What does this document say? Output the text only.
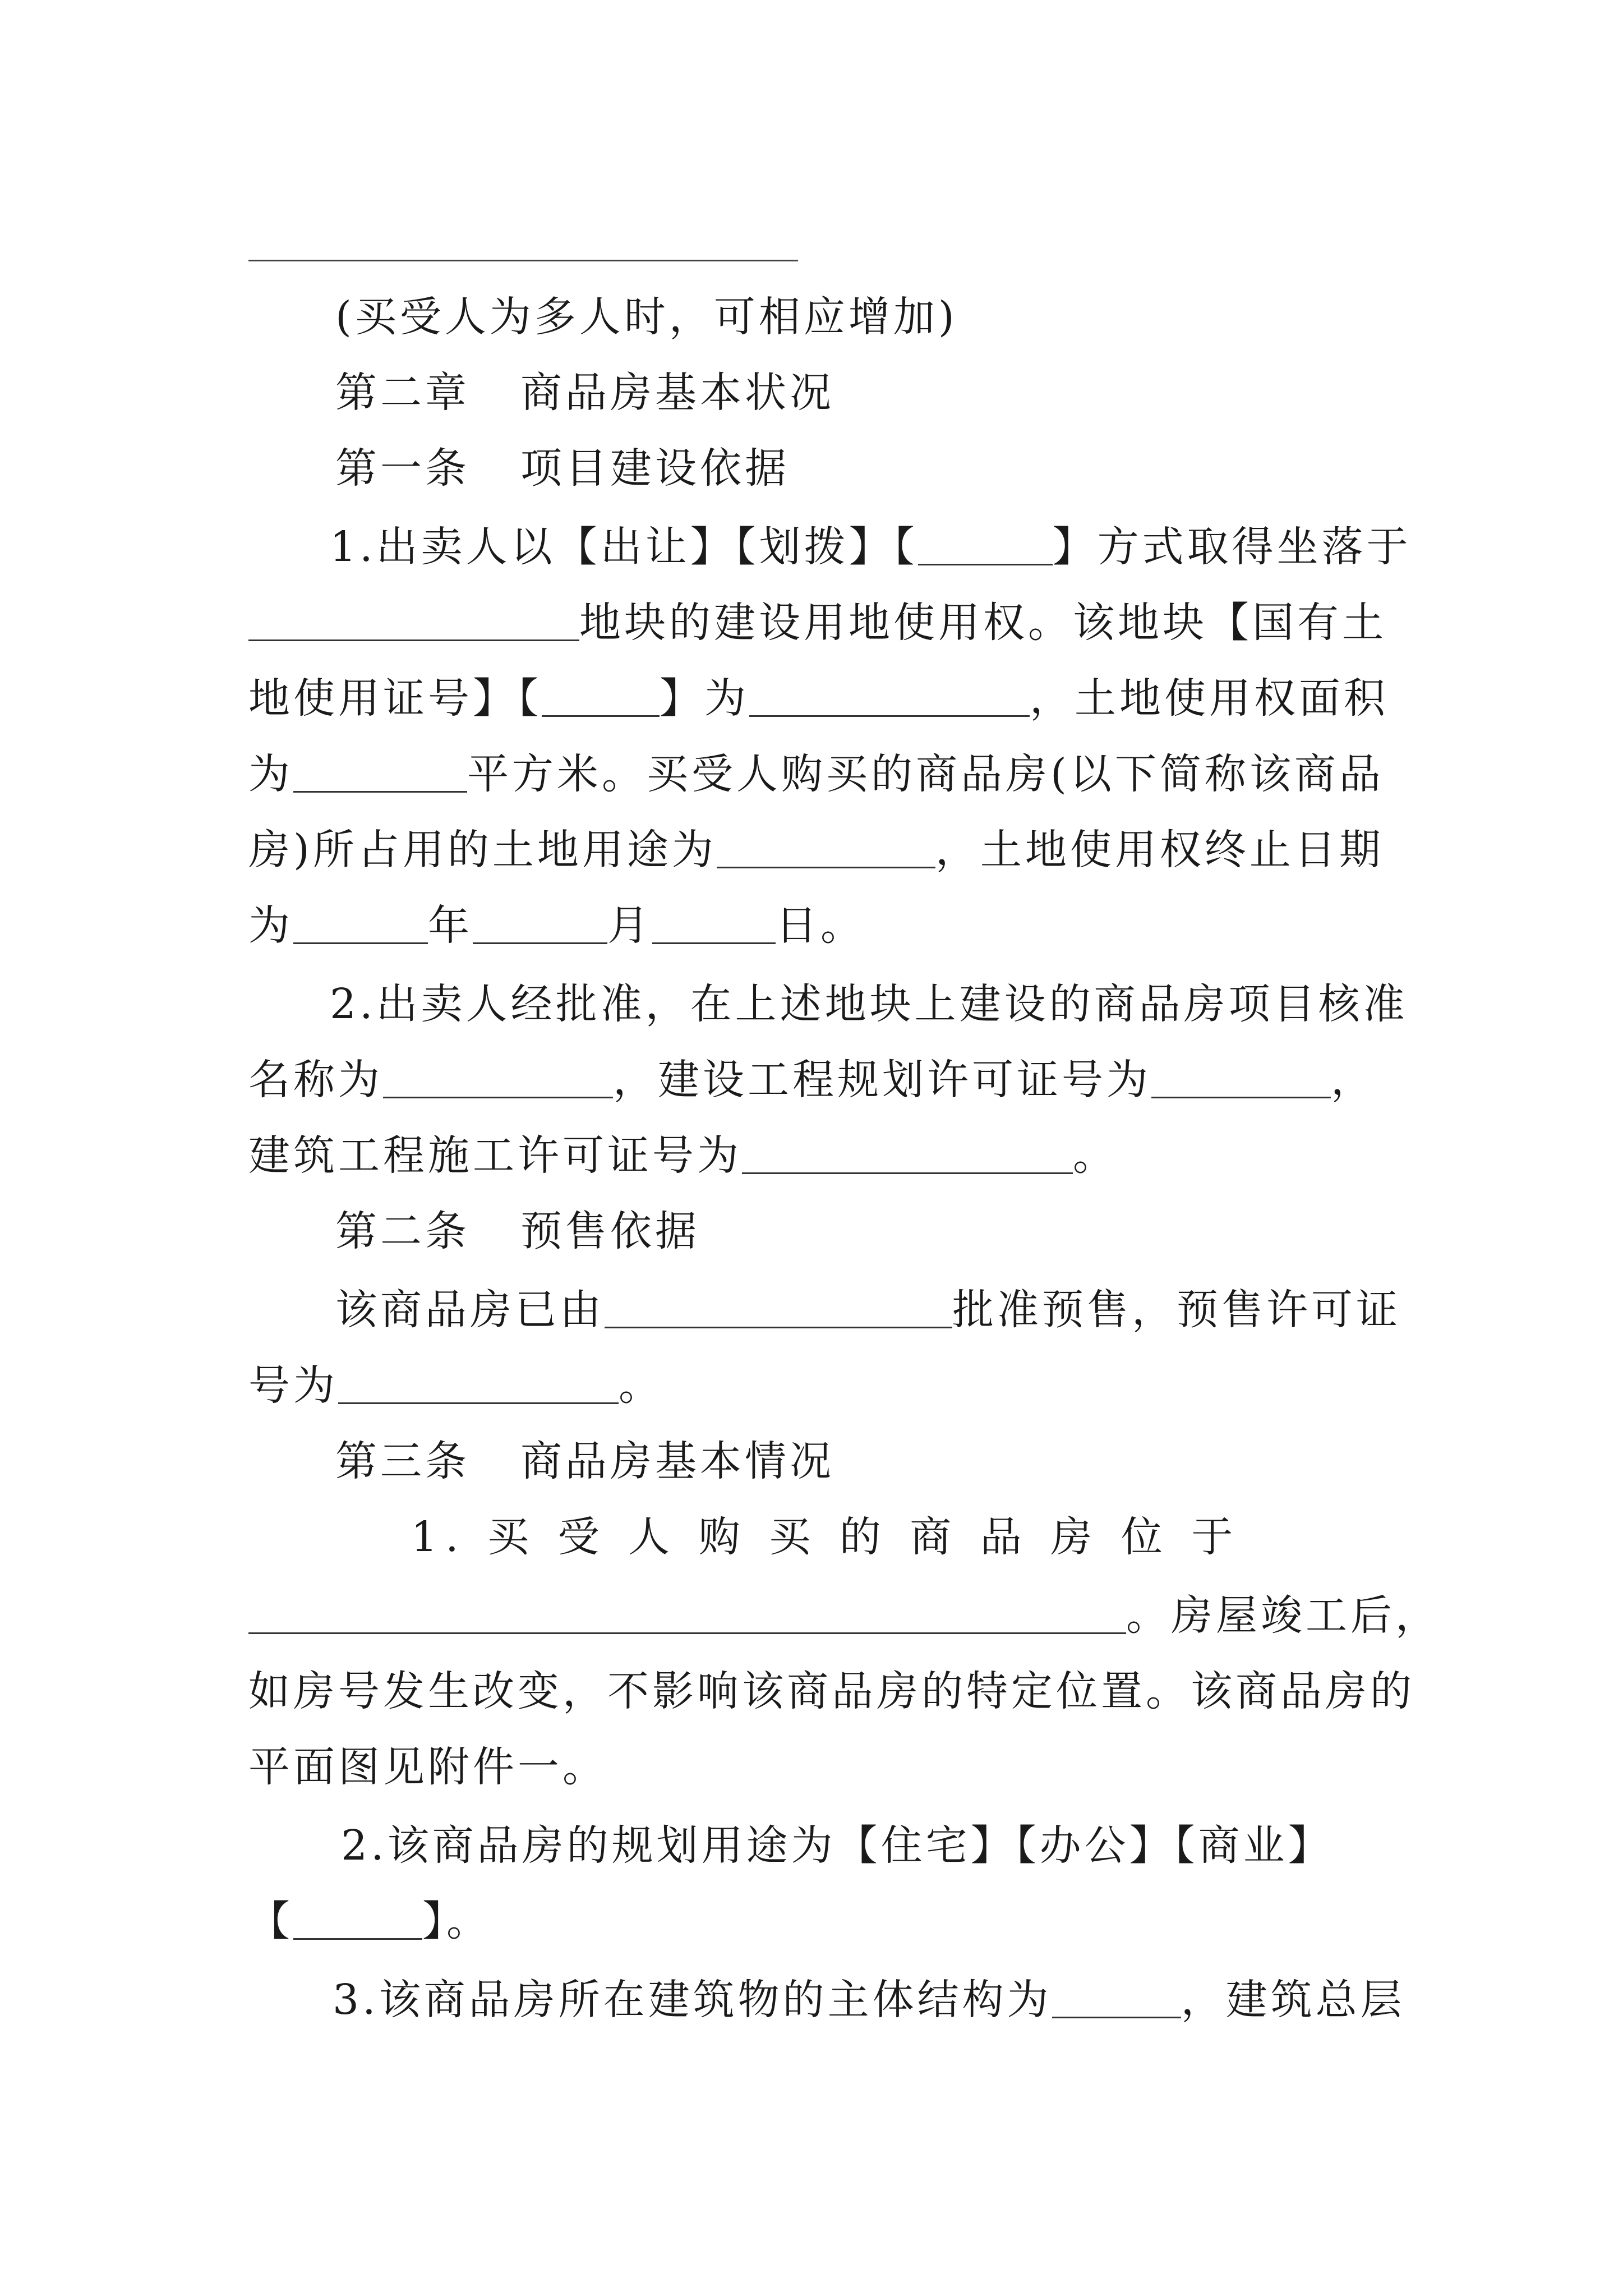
(买受人为多人时，可相应增加)
第二章 商品房基本状况
第一条 项目建设依据
1.出卖人以【出让】【划拨】【	】方式取得坐落于
地块的建设用地使用权。该地块【国有土
地使用证号】【	】为	，土地使用权面积
为	平方米。买受人购买的商品房(以下简称该商品
房)所占用的土地用途为	，土地使用权终止日期
为	年	月	日。
2.出卖人经批准，在上述地块上建设的商品房项目核准
名称为	，建设工程规划许可证号为	，
建筑工程施工许可证号为	。
第二条 预售依据
该商品房已由	批准预售，预售许可证
号为	。
第三条 商品房基本情况
1. 买 受 人 购 买 的 商 品 房 位 于
。房屋竣工后，
如房号发生改变，不影响该商品房的特定位置。该商品房的
平面图见附件一。
2.该商品房的规划用途为【住宅】【办公】【商业】
【	】。
3.该商品房所在建筑物的主体结构为	，建筑总层
